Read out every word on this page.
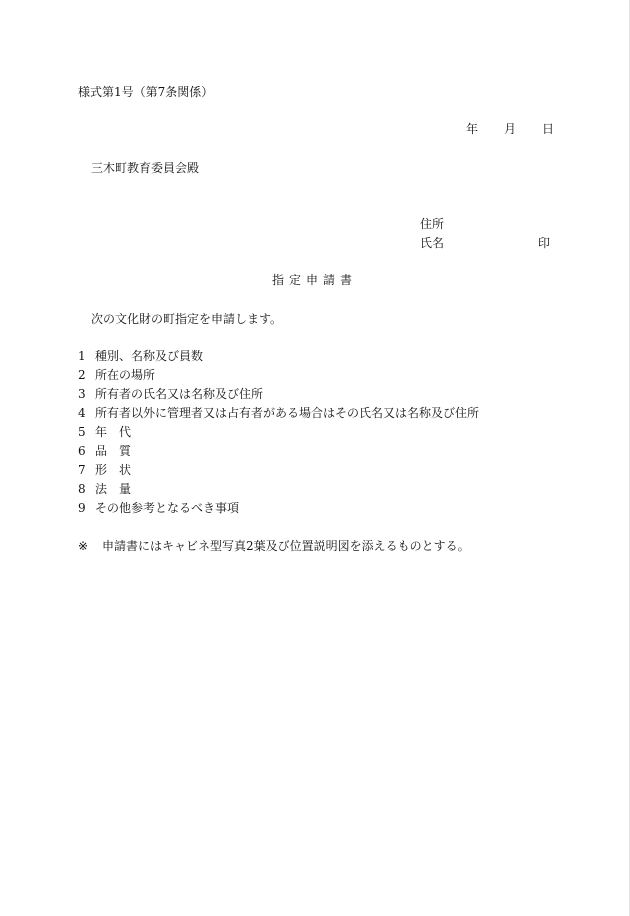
様式第1号（第7条関係）
年 月 日
三木町教育委員会殿
住所
氏名	印
指定申請書
次の文化財の町指定を申請します。
1 種別、名称及び員数
2 所在の場所
3 所有者の氏名又は名称及び住所
4 所有者以外に管理者又は占有者がある場合はその氏名又は名称及び住所
5 年　代
6 品　質
7 形　状
8 法　量
9 その他参考となるべき事項
※	申請書にはキャビネ型写真2葉及び位置説明図を添えるものとする。
